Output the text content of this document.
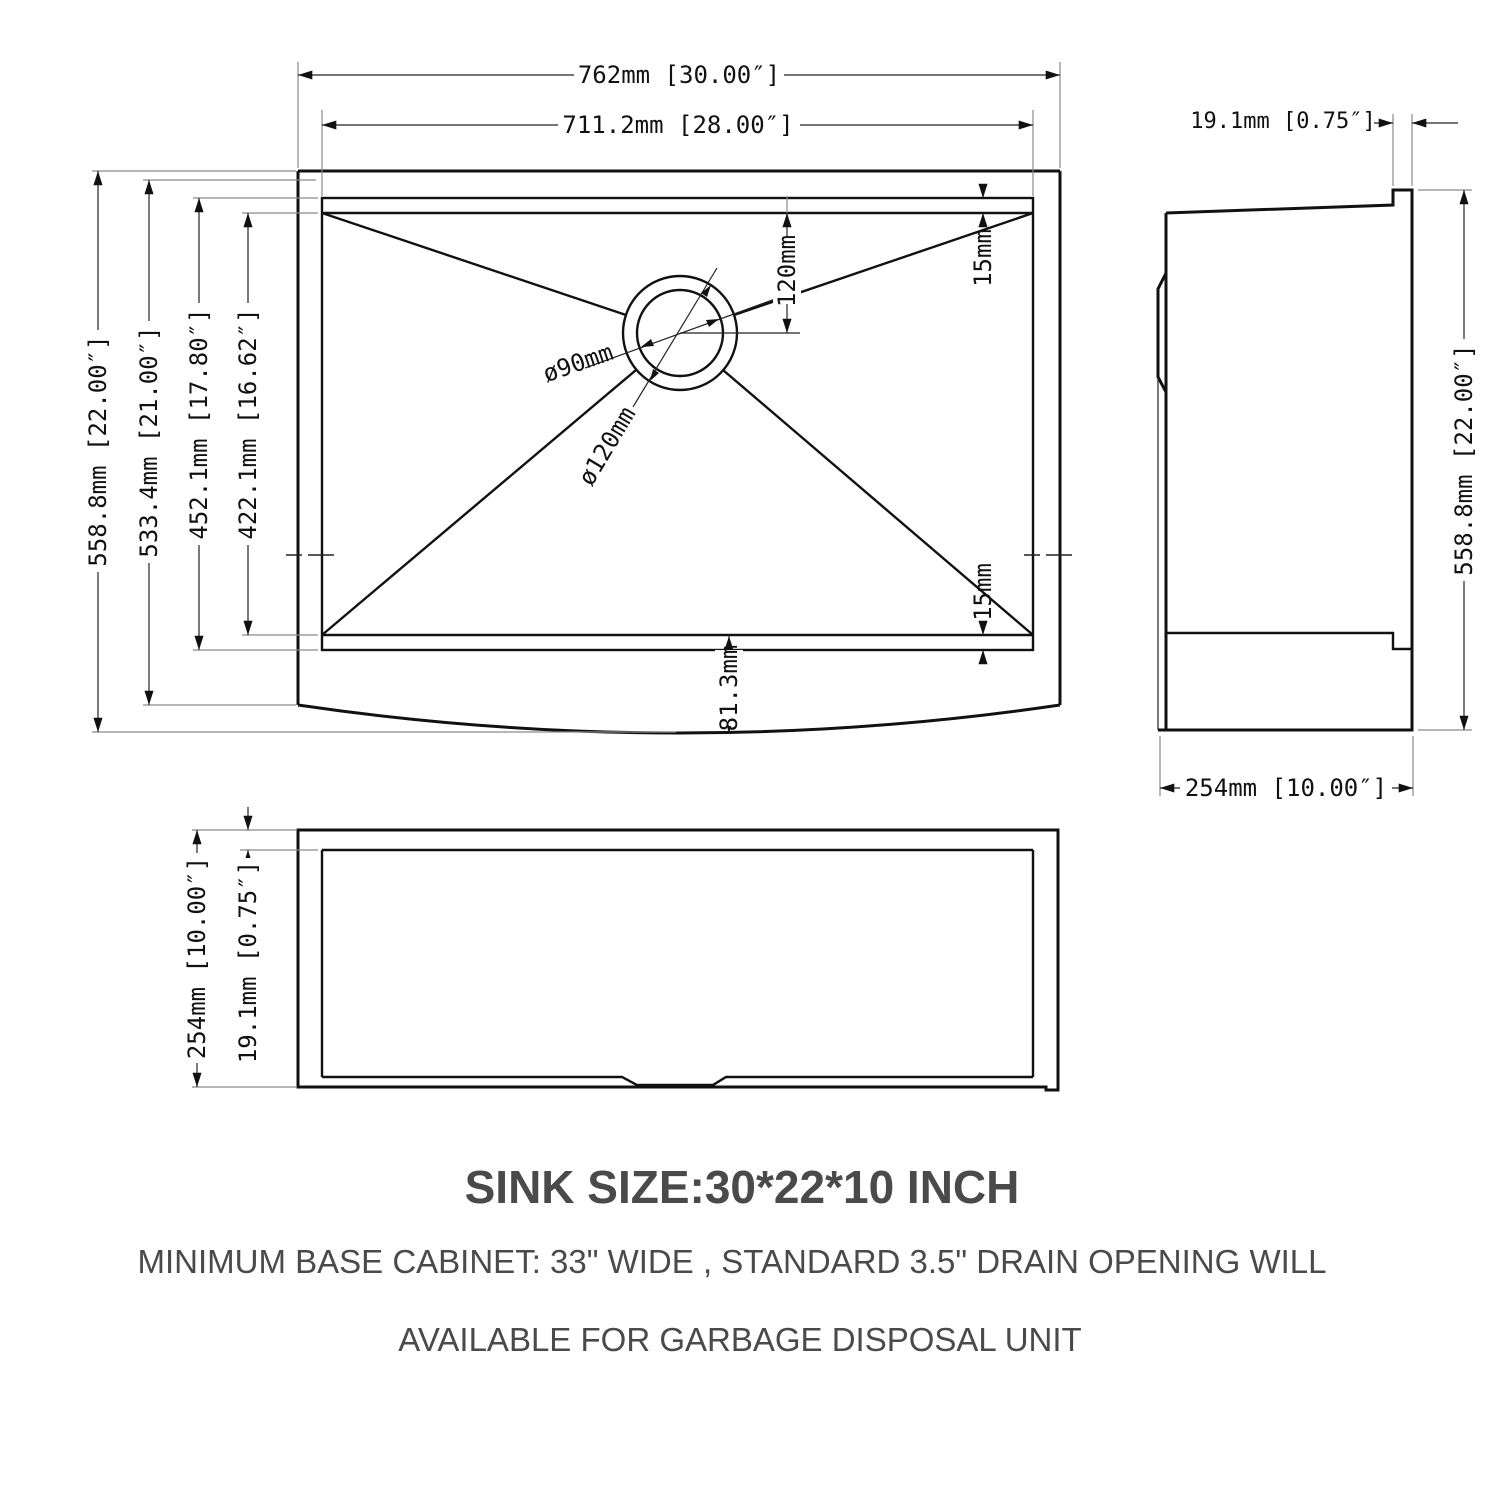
762mm [30.00″]
711.2mm [28.00″]
558.8mm [22.00″] 533.4mm [21.00″] 452.1mm [17.80″] 422.1mm [16.62″]
120mm	15mm
15mm
81.3mm
ø90mm
ø120mm
19.1mm [0.75″]
558.8mm [22.00″]
254mm [10.00″]
254mm [10.00″] 19.1mm [0.75″]
SINK SIZE:30*22*10 INCH
MINIMUM BASE CABINET: 33" WIDE , STANDARD 3.5" DRAIN OPENING WILL
AVAILABLE FOR GARBAGE DISPOSAL UNIT
